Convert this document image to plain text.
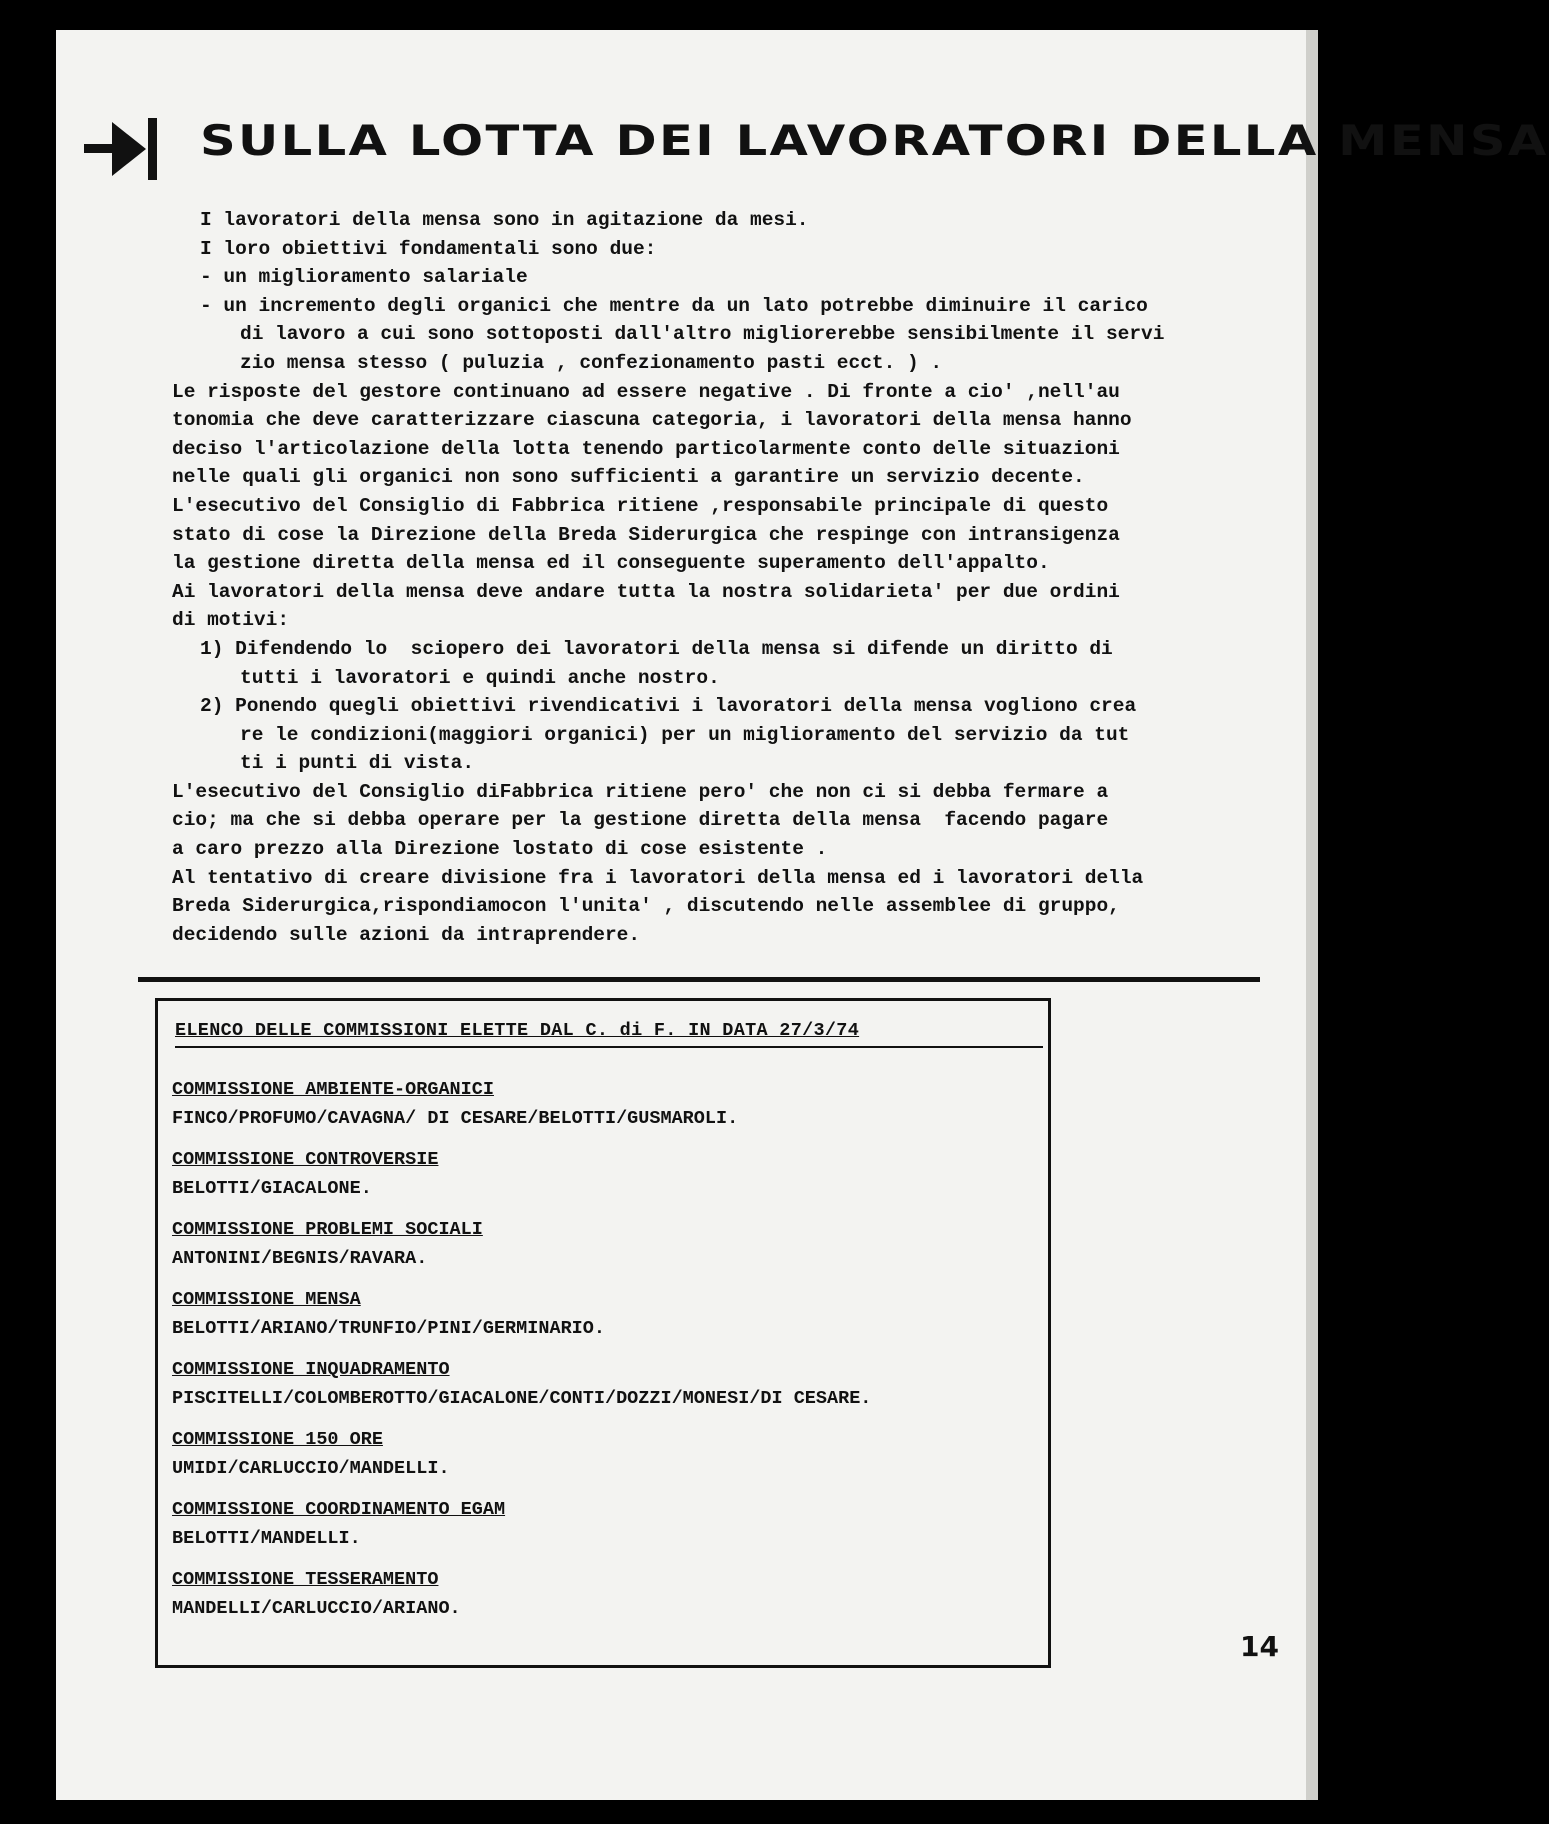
SULLA LOTTA DEI LAVORATORI DELLA MENSA

I lavoratori della mensa sono in agitazione da mesi.

I loro obiettivi fondamentali sono due:

- un miglioramento salariale

- un incremento degli organici che mentre da un lato potrebbe diminuire il carico

di lavoro a cui sono sottoposti dall'altro migliorerebbe sensibilmente il servi

zio mensa stesso ( puluzia , confezionamento pasti ecct. ) .

Le risposte del gestore continuano ad essere negative . Di fronte a cio' ,nell'au

tonomia che deve caratterizzare ciascuna categoria, i lavoratori della mensa hanno

deciso l'articolazione della lotta tenendo particolarmente conto delle situazioni

nelle quali gli organici non sono sufficienti a garantire un servizio decente.

L'esecutivo del Consiglio di Fabbrica ritiene ,responsabile principale di questo

stato di cose la Direzione della Breda Siderurgica che respinge con intransigenza

la gestione diretta della mensa ed il conseguente superamento dell'appalto.

Ai lavoratori della mensa deve andare tutta la nostra solidarieta' per due ordini

di motivi:

1) Difendendo lo  sciopero dei lavoratori della mensa si difende un diritto di

tutti i lavoratori e quindi anche nostro.

2) Ponendo quegli obiettivi rivendicativi i lavoratori della mensa vogliono crea

re le condizioni(maggiori organici) per un miglioramento del servizio da tut

ti i punti di vista.

L'esecutivo del Consiglio diFabbrica ritiene pero' che non ci si debba fermare a

cio; ma che si debba operare per la gestione diretta della mensa  facendo pagare

a caro prezzo alla Direzione lostato di cose esistente .

Al tentativo di creare divisione fra i lavoratori della mensa ed i lavoratori della

Breda Siderurgica,rispondiamocon l'unita' , discutendo nelle assemblee di gruppo,

decidendo sulle azioni da intraprendere.

ELENCO DELLE COMMISSIONI ELETTE DAL C. di F. IN DATA 27/3/74
COMMISSIONE AMBIENTE-ORGANICI
FINCO/PROFUMO/CAVAGNA/ DI CESARE/BELOTTI/GUSMAROLI.
COMMISSIONE CONTROVERSIE
BELOTTI/GIACALONE.
COMMISSIONE PROBLEMI SOCIALI
ANTONINI/BEGNIS/RAVARA.
COMMISSIONE MENSA
BELOTTI/ARIANO/TRUNFIO/PINI/GERMINARIO.
COMMISSIONE INQUADRAMENTO
PISCITELLI/COLOMBEROTTO/GIACALONE/CONTI/DOZZI/MONESI/DI CESARE.
COMMISSIONE 150 ORE
UMIDI/CARLUCCIO/MANDELLI.
COMMISSIONE COORDINAMENTO EGAM
BELOTTI/MANDELLI.
COMMISSIONE TESSERAMENTO
MANDELLI/CARLUCCIO/ARIANO.
14
